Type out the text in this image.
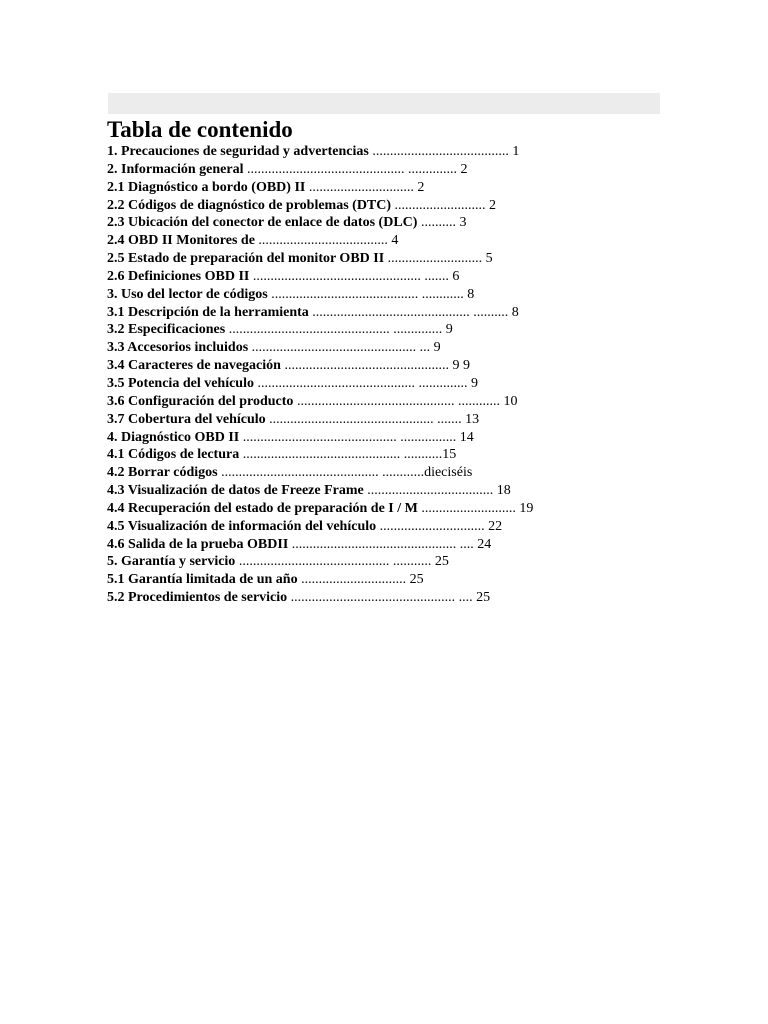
Tabla de contenido
1. Precauciones de seguridad y advertencias ....................................... 1
2. Información general ............................................. .............. 2
2.1 Diagnóstico a bordo (OBD) II .............................. 2
2.2 Códigos de diagnóstico de problemas (DTC) .......................... 2
2.3 Ubicación del conector de enlace de datos (DLC) .......... 3
2.4 OBD II Monitores de ..................................... 4
2.5 Estado de preparación del monitor OBD II ........................... 5
2.6 Definiciones OBD II ................................................ ....... 6
3. Uso del lector de códigos .......................................... ............ 8
3.1 Descripción de la herramienta ............................................. .......... 8
3.2 Especificaciones .............................................. .............. 9
3.3 Accesorios incluidos ............................................... ... 9
3.4 Caracteres de navegación ............................................... 9 9
3.5 Potencia del vehículo ............................................. .............. 9
3.6 Configuración del producto ............................................. ............ 10
3.7 Cobertura del vehículo ............................................... ....... 13
4. Diagnóstico OBD II ............................................ ................ 14
4.1 Códigos de lectura ............................................. ...........15
4.2 Borrar códigos ............................................. ............dieciséis
4.3 Visualización de datos de Freeze Frame .................................... 18
4.4 Recuperación del estado de preparación de I / M ........................... 19
4.5 Visualización de información del vehículo .............................. 22
4.6 Salida de la prueba OBDII ............................................... .... 24
5. Garantía y servicio ........................................... ........... 25
5.1 Garantía limitada de un año .............................. 25
5.2 Procedimientos de servicio ............................................... .... 25
